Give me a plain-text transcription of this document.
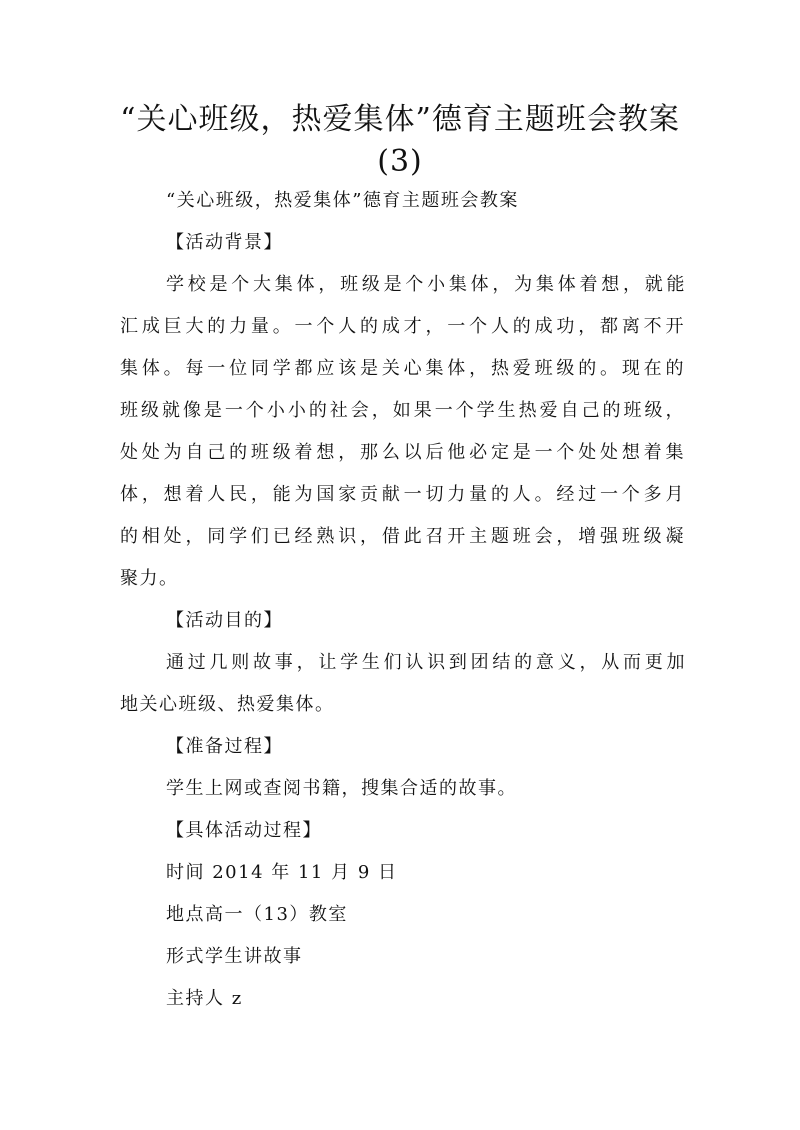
“关心班级，热爱集体”德育主题班会教案
(3)

“关心班级，热爱集体”德育主题班会教案

【活动背景】

学校是个大集体，班级是个小集体，为集体着想，就能

汇成巨大的力量。一个人的成才，一个人的成功，都离不开

集体。每一位同学都应该是关心集体，热爱班级的。现在的

班级就像是一个小小的社会，如果一个学生热爱自己的班级，

处处为自己的班级着想，那么以后他必定是一个处处想着集

体，想着人民，能为国家贡献一切力量的人。经过一个多月

的相处，同学们已经熟识，借此召开主题班会，增强班级凝

聚力。

【活动目的】

通过几则故事，让学生们认识到团结的意义，从而更加

地关心班级、热爱集体。

【准备过程】

学生上网或查阅书籍，搜集合适的故事。

【具体活动过程】

时间 2014 年 11 月 9 日

地点高一（13）教室

形式学生讲故事

主持人 z
